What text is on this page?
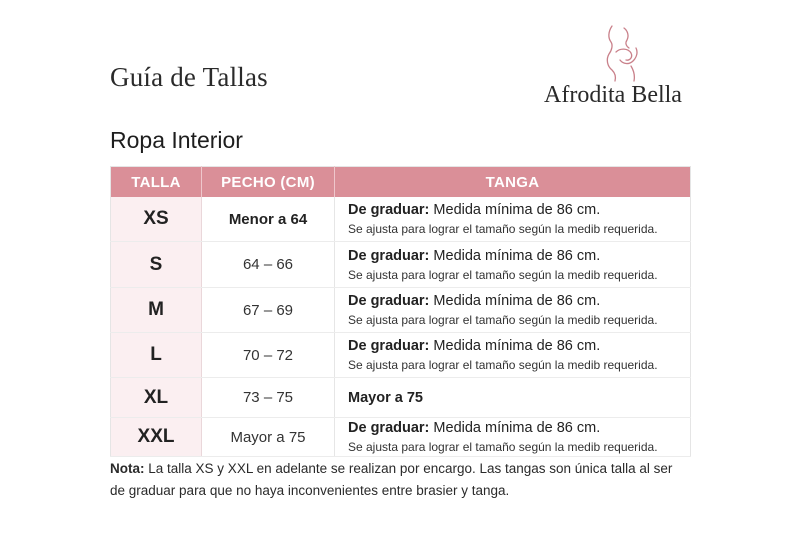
Guía de Tallas
Afrodita Bella
Ropa Interior
TALLA	PECHO (CM)	TANGA
XS	Menor a 64	De graduar: Medida mínima de 86 cm.
Se ajusta para lograr el tamaño según la medib requerida.

S	64 – 66	De graduar: Medida mínima de 86 cm.
Se ajusta para lograr el tamaño según la medib requerida.

M	67 – 69	De graduar: Medida mínima de 86 cm.
Se ajusta para lograr el tamaño según la medib requerida.

L	70 – 72	De graduar: Medida mínima de 86 cm.
Se ajusta para lograr el tamaño según la medib requerida.

XL	73 – 75	Mayor a 75

XXL	Mayor a 75	De graduar: Medida mínima de 86 cm.
Se ajusta para lograr el tamaño según la medib requerida.
Nota: La talla XS y XXL en adelante se realizan por encargo. Las tangas son única talla al ser de graduar para que no haya inconvenientes entre brasier y tanga.
